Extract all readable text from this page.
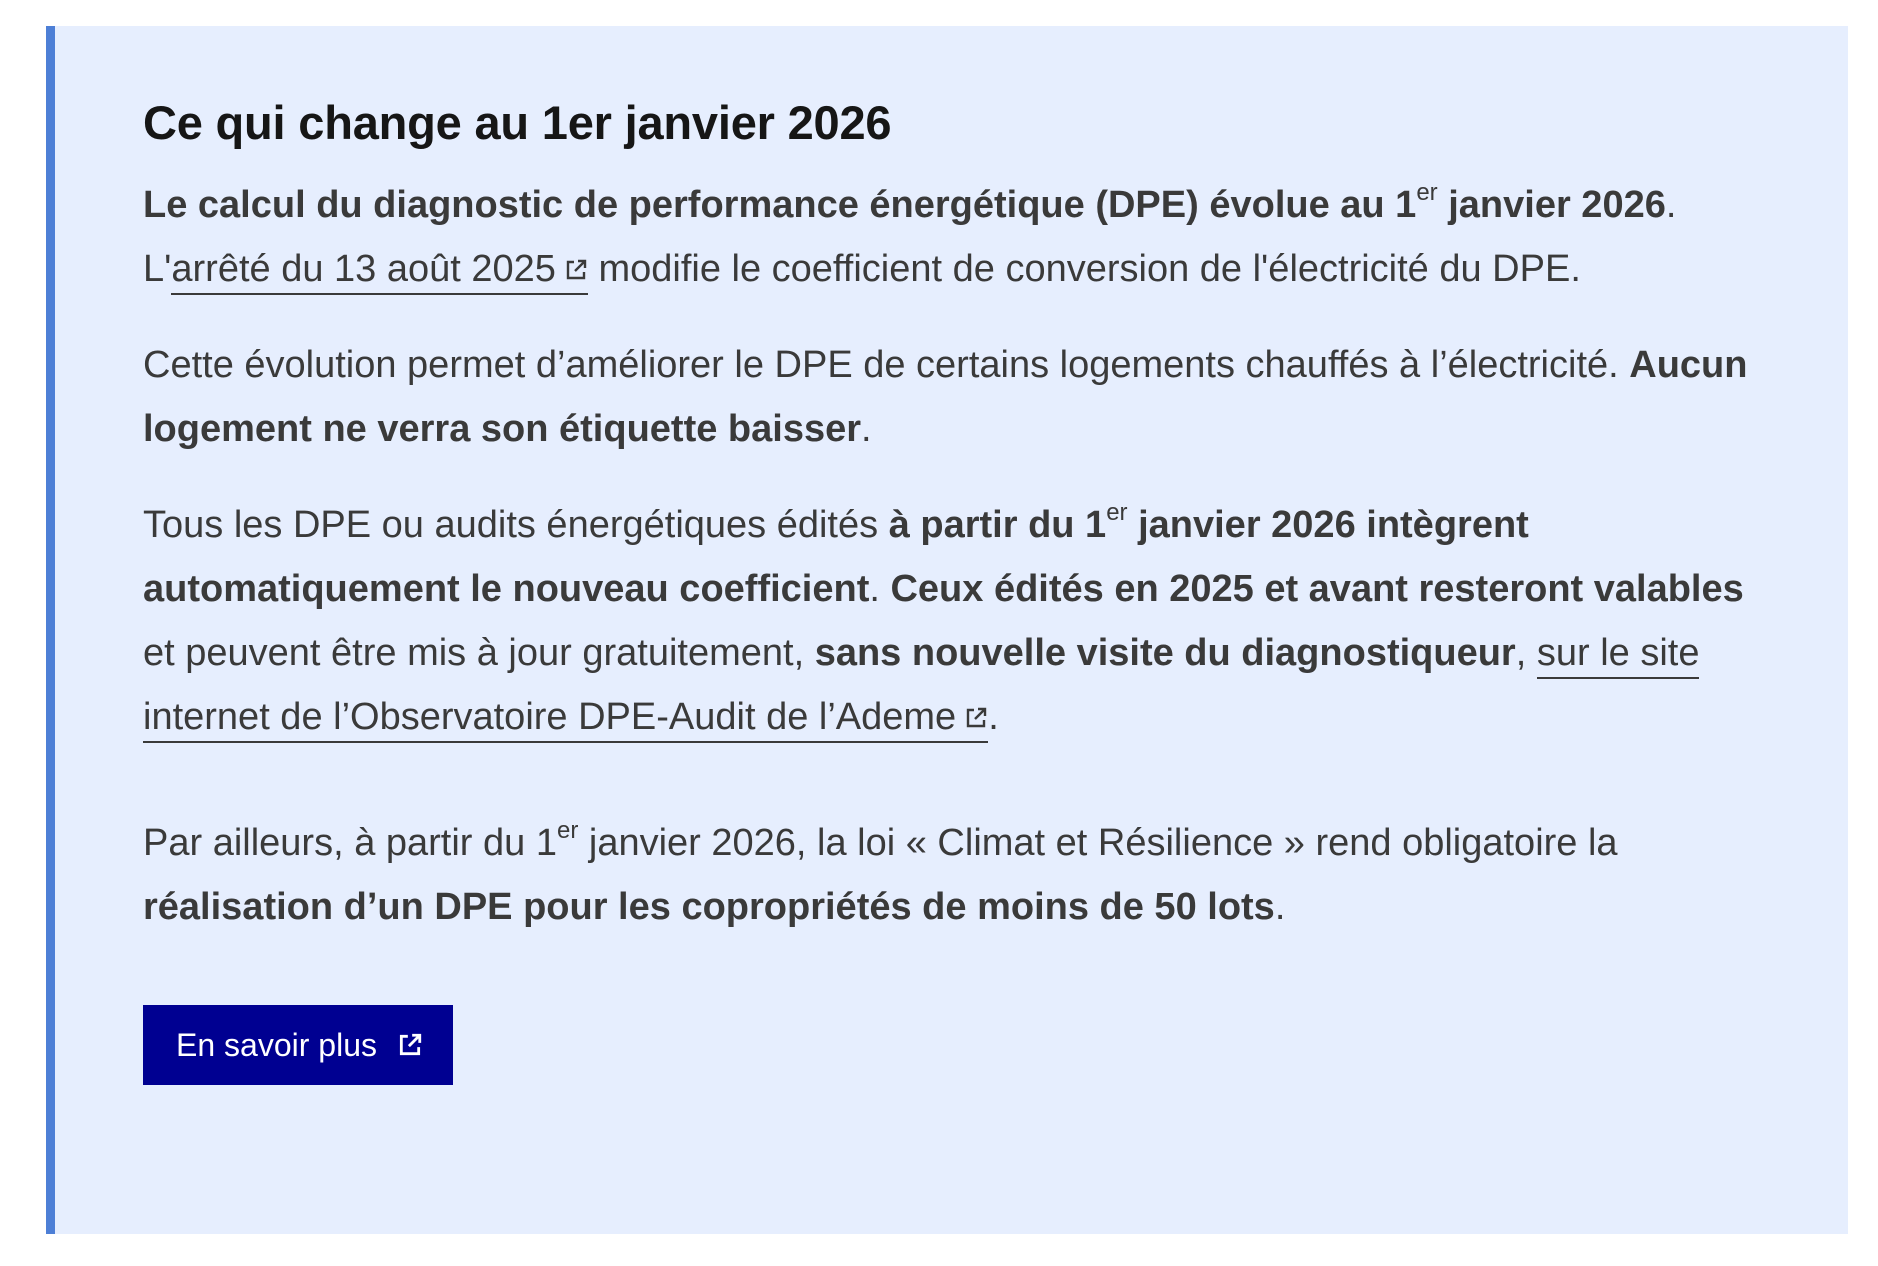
Ce qui change au 1er janvier 2026

Le calcul du diagnostic de performance énergétique (DPE) évolue au 1er janvier 2026. L'arrêté du 13 août 2025 modifie le coefficient de conversion de l'électricité du DPE.

Cette évolution permet d’améliorer le DPE de certains logements chauffés à l’électricité. Aucun logement ne verra son étiquette baisser.

Tous les DPE ou audits énergétiques édités à partir du 1er janvier 2026 intègrent automatiquement le nouveau coefficient. Ceux édités en 2025 et avant resteront valables et peuvent être mis à jour gratuitement, sans nouvelle visite du diagnostiqueur, sur le site internet de l’Observatoire DPE-Audit de l’Ademe .

Par ailleurs, à partir du 1er janvier 2026, la loi « Climat et Résilience » rend obligatoire la réalisation d’un DPE pour les copropriétés de moins de 50 lots.

En savoir plus
